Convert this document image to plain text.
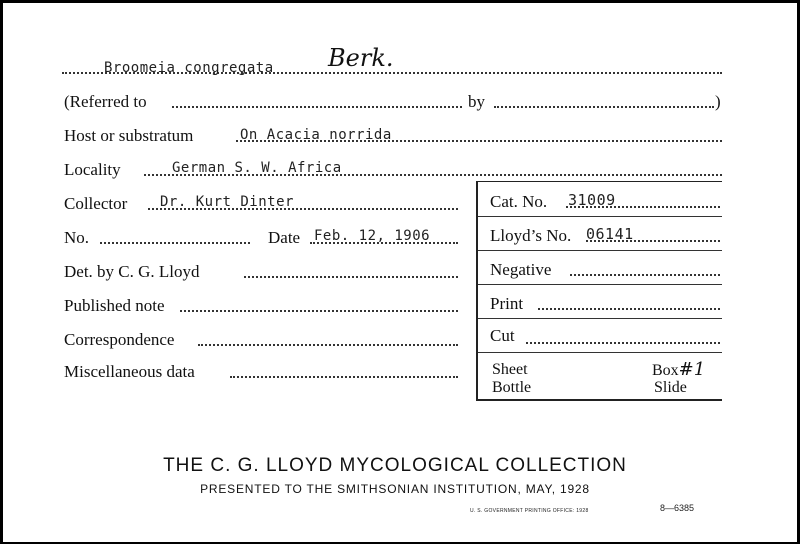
Broomeia congregata Berk.
(Referred to	by	)
Host or substratum	On Acacia norrida
Locality	German S. W. Africa
Collector Dr. Kurt Dinter	Cat. No. 31009
No.	Date Feb. 12, 1906	Lloyd’s No. 06141
Det. by C. G. Lloyd	Negative
Published note	Print
Correspondence	Cut
Miscellaneous data	Sheet	Box#1
Bottle	Slide
THE C. G. LLOYD MYCOLOGICAL COLLECTION
PRESENTED TO THE SMITHSONIAN INSTITUTION, MAY, 1928
U. S. GOVERNMENT PRINTING OFFICE: 1928	8—6385
